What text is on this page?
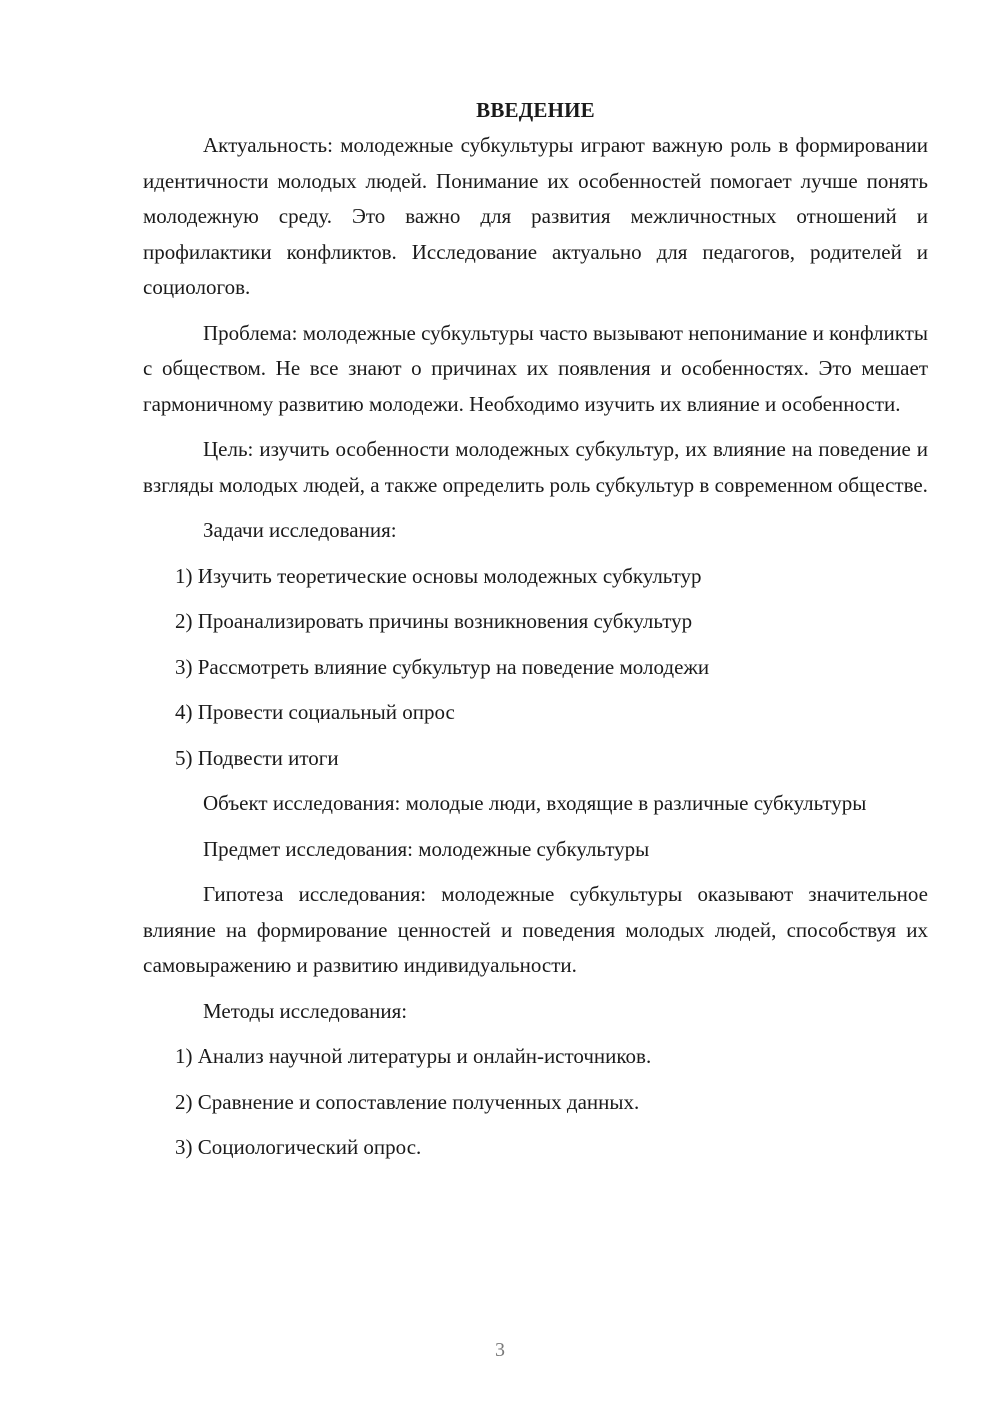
ВВЕДЕНИЕ

Актуальность: молодежные субкультуры играют важную роль в формировании идентичности молодых людей. Понимание их особенностей помогает лучше понять молодежную среду. Это важно для развития межличностных отношений и профилактики конфликтов. Исследование актуально для педагогов, родителей и социологов.

Проблема: молодежные субкультуры часто вызывают непонимание и конфликты с обществом. Не все знают о причинах их появления и особенностях. Это мешает гармоничному развитию молодежи. Необходимо изучить их влияние и особенности.

Цель: изучить особенности молодежных субкультур, их влияние на поведение и взгляды молодых людей, а также определить роль субкультур в современном обществе.

Задачи исследования:

1) Изучить теоретические основы молодежных субкультур

2) Проанализировать причины возникновения субкультур

3) Рассмотреть влияние субкультур на поведение молодежи

4) Провести социальный опрос

5) Подвести итоги

Объект исследования: молодые люди, входящие в различные субкультуры

Предмет исследования: молодежные субкультуры

Гипотеза исследования: молодежные субкультуры оказывают значительное влияние на формирование ценностей и поведения молодых людей, способствуя их самовыражению и развитию индивидуальности.

Методы исследования:

1) Анализ научной литературы и онлайн-источников.

2) Сравнение и сопоставление полученных данных.

3) Социологический опрос.

3
